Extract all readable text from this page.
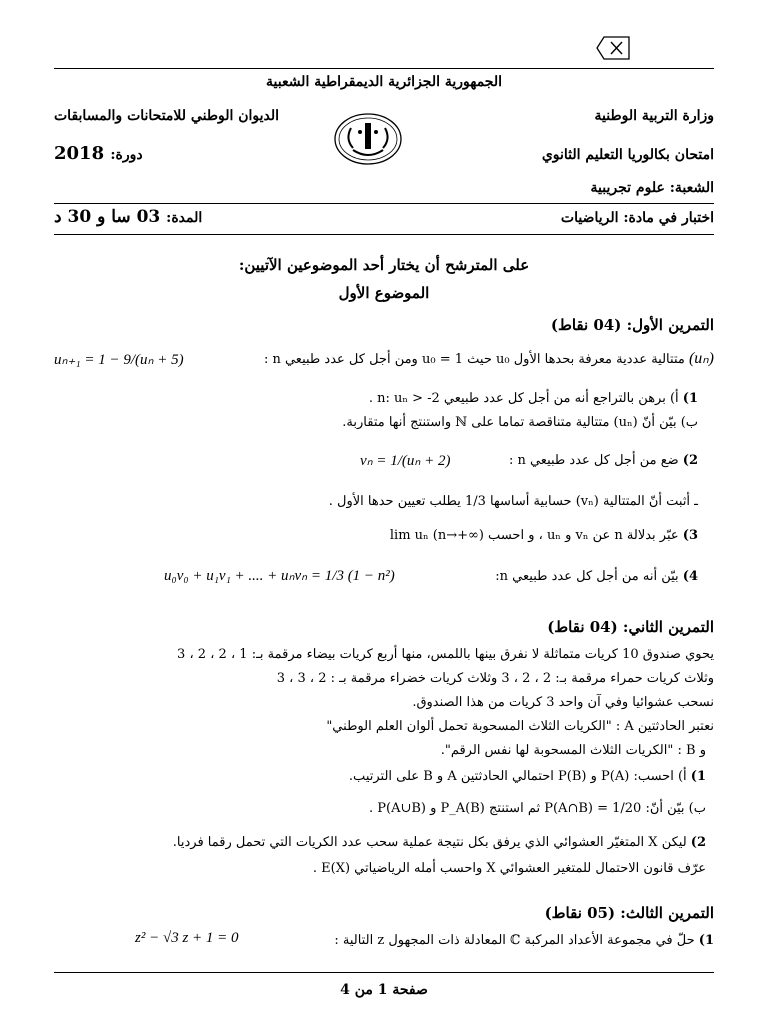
الجمهورية الجزائرية الديمقراطية الشعبية
وزارة التربية الوطنية
الديوان الوطني للامتحانات والمسابقات
امتحان بكالوريا التعليم الثانوي
دورة: 2018
الشعبة: علوم تجريبية
اختبار في مادة: الرياضيات
المدة: 03 سا و 30 د
على المترشح أن يختار أحد الموضوعين الآتيين:
الموضوع الأول
التمرين الأول: (04 نقاط)
(uₙ) متتالية عددية معرفة بحدها الأول u₀ حيث u₀ = 1 ومن أجل كل عدد طبيعي n :
uₙ₊₁ = 1 − 9/(uₙ + 5)
1) أ) برهن بالتراجع أنه من أجل كل عدد طبيعي n: uₙ > -2 .
ب) بيّن أنّ (uₙ) متتالية متناقصة تماما على ℕ واستنتج أنها متقاربة.
2) ضع من أجل كل عدد طبيعي n :
vₙ = 1/(uₙ + 2)
ـ أثبت أنّ المتتالية (vₙ) حسابية أساسها 1/3 يطلب تعيين حدها الأول .
3) عبّر بدلالة n عن vₙ و uₙ ، و احسب lim uₙ (n→+∞)
4) بيّن أنه من أجل كل عدد طبيعي n:
u₀v₀ + u₁v₁ + .... + uₙvₙ = 1/3 (1 − n²)
التمرين الثاني: (04 نقاط)
يحوي صندوق 10 كريات متماثلة لا نفرق بينها باللمس، منها أربع كريات بيضاء مرقمة بـ: 1 ، 2 ، 2 ، 3
وثلاث كريات حمراء مرقمة بـ: 2 ، 2 ، 3 وثلاث كريات خضراء مرقمة بـ : 2 ، 3 ، 3
نسحب عشوائيا وفي آن واحد 3 كريات من هذا الصندوق.
نعتبر الحادثتين A : "الكريات الثلاث المسحوبة تحمل ألوان العلم الوطني"
و B : "الكريات الثلاث المسحوبة لها نفس الرقم".
1) أ) احسب: P(A) و P(B) احتمالي الحادثتين A و B على الترتيب.
ب) بيّن أنّ: P(A∩B) = 1/20 ثم استنتج P_A(B) و P(A∪B) .
2) ليكن X المتغيّر العشوائي الذي يرفق بكل نتيجة عملية سحب عدد الكريات التي تحمل رقما فرديا.
عرّف قانون الاحتمال للمتغير العشوائي X واحسب أمله الرياضياتي E(X) .
التمرين الثالث: (05 نقاط)
1) حلّ في مجموعة الأعداد المركبة ℂ المعادلة ذات المجهول z التالية :
z² − √3 z + 1 = 0
صفحة 1 من 4
